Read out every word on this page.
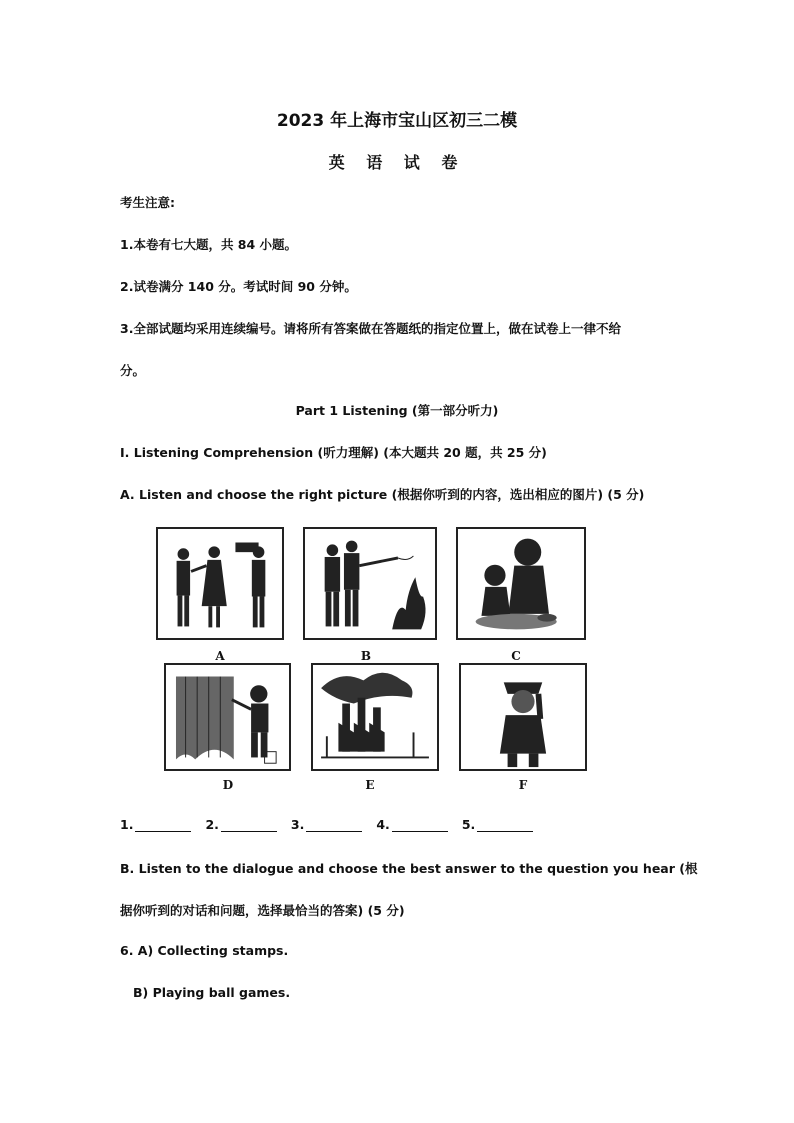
2023 年上海市宝山区初三二模
英 语 试 卷

考生注意:

1.本卷有七大题，共 84 小题。

2.试卷满分 140 分。考试时间 90 分钟。

3.全部试题均采用连续编号。请将所有答案做在答题纸的指定位置上，做在试卷上一律不给

分。

Part 1 Listening (第一部分听力)

I. Listening Comprehension (听力理解) (本大题共 20 题，共 25 分)

A. Listen and choose the right picture (根据你听到的内容，选出相应的图片) (5 分)

A	B	C
D	E	F
1.	2.	3.	4.	5.

B. Listen to the dialogue and choose the best answer to the question you hear (根

据你听到的对话和问题，选择最恰当的答案) (5 分)

6. A) Collecting stamps.

B) Playing ball games.
